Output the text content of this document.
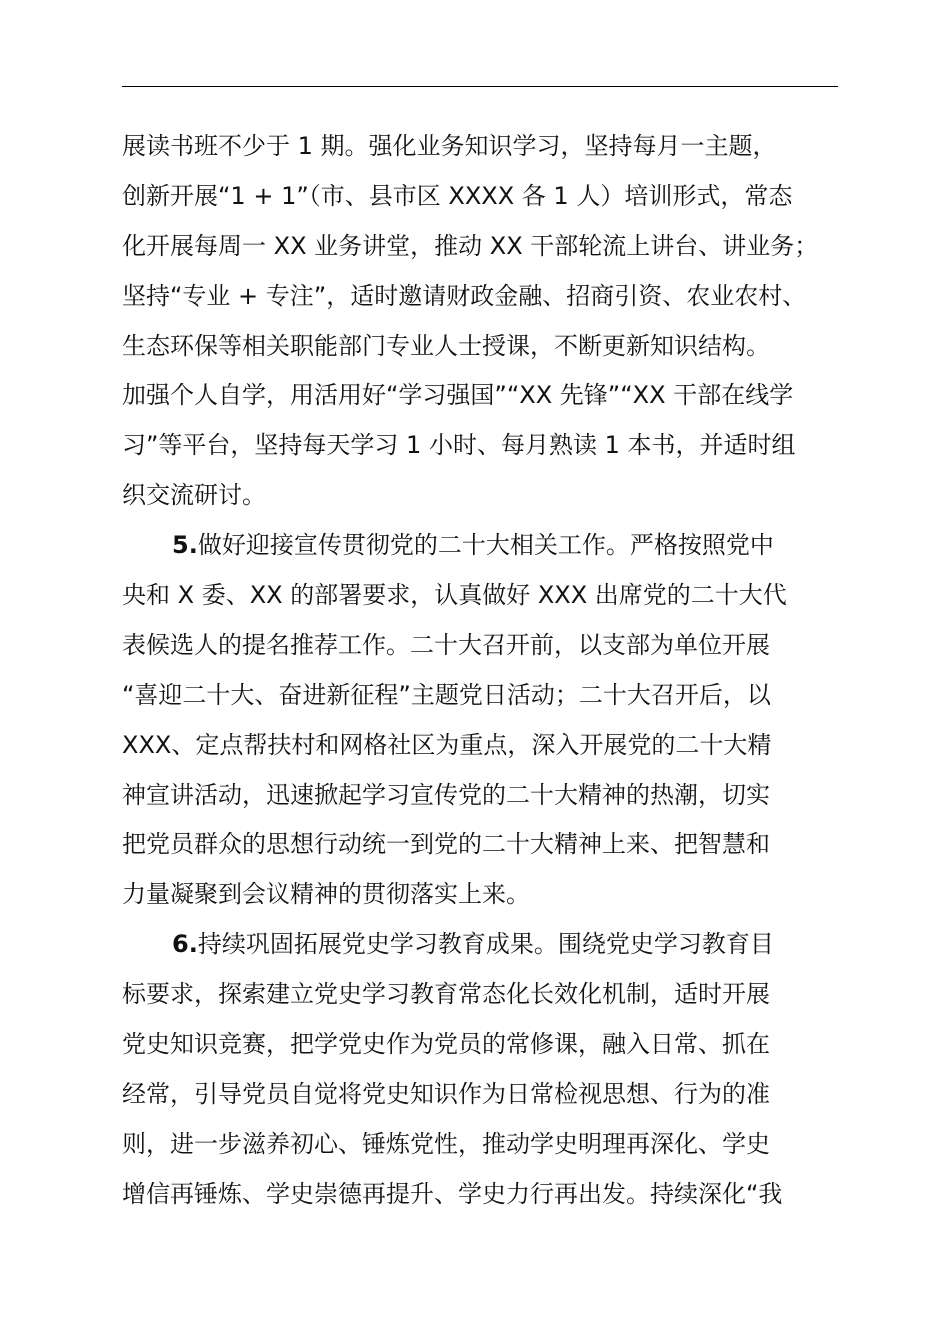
展读书班不少于 1 期。强化业务知识学习，坚持每月一主题，
创新开展“1 + 1”（市、县市区 XXXX 各 1 人）培训形式，常态
化开展每周一 XX 业务讲堂，推动 XX 干部轮流上讲台、讲业务；
坚持“专业 + 专注”，适时邀请财政金融、招商引资、农业农村、
生态环保等相关职能部门专业人士授课，不断更新知识结构。
加强个人自学，用活用好“学习强国”“XX 先锋”“XX 干部在线学
习”等平台，坚持每天学习 1 小时、每月熟读 1 本书，并适时组
织交流研讨。
5.做好迎接宣传贯彻党的二十大相关工作。严格按照党中
央和 X 委、XX 的部署要求，认真做好 XXX 出席党的二十大代
表候选人的提名推荐工作。二十大召开前，以支部为单位开展
“喜迎二十大、奋进新征程”主题党日活动；二十大召开后，以
XXX、定点帮扶村和网格社区为重点，深入开展党的二十大精
神宣讲活动，迅速掀起学习宣传党的二十大精神的热潮，切实
把党员群众的思想行动统一到党的二十大精神上来、把智慧和
力量凝聚到会议精神的贯彻落实上来。
6.持续巩固拓展党史学习教育成果。围绕党史学习教育目
标要求，探索建立党史学习教育常态化长效化机制，适时开展
党史知识竞赛，把学党史作为党员的常修课，融入日常、抓在
经常，引导党员自觉将党史知识作为日常检视思想、行为的准
则，进一步滋养初心、锤炼党性，推动学史明理再深化、学史
增信再锤炼、学史崇德再提升、学史力行再出发。持续深化“我
